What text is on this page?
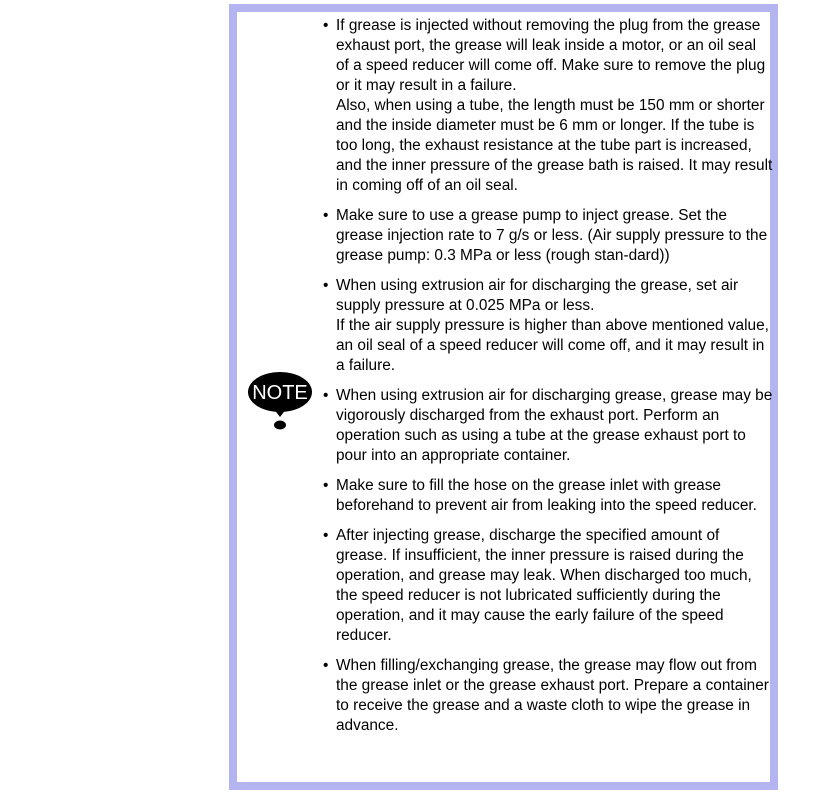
NOTE
• If grease is injected without removing the plug from the grease exhaust port, the grease will leak inside a motor, or an oil seal of a speed reducer will come off. Make sure to remove the plug or it may result in a failure.
Also, when using a tube, the length must be 150 mm or shorter and the inside diameter must be 6 mm or longer. If the tube is too long, the exhaust resistance at the tube part is increased, and the inner pressure of the grease bath is raised. It may result in coming off of an oil seal.
• Make sure to use a grease pump to inject grease. Set the grease injection rate to 7 g/s or less. (Air supply pressure to the grease pump: 0.3 MPa or less (rough stan-dard))
• When using extrusion air for discharging the grease, set air supply pressure at 0.025 MPa or less.
If the air supply pressure is higher than above mentioned value, an oil seal of a speed reducer will come off, and it may result in a failure.
• When using extrusion air for discharging grease, grease may be vigorously discharged from the exhaust port. Perform an operation such as using a tube at the grease exhaust port to pour into an appropriate container.
• Make sure to fill the hose on the grease inlet with grease beforehand to prevent air from leaking into the speed reducer.
• After injecting grease, discharge the specified amount of grease. If insufficient, the inner pressure is raised during the operation, and grease may leak. When discharged too much, the speed reducer is not lubricated sufficiently during the operation, and it may cause the early failure of the speed reducer.
• When filling/exchanging grease, the grease may flow out from the grease inlet or the grease exhaust port. Prepare a container to receive the grease and a waste cloth to wipe the grease in advance.
